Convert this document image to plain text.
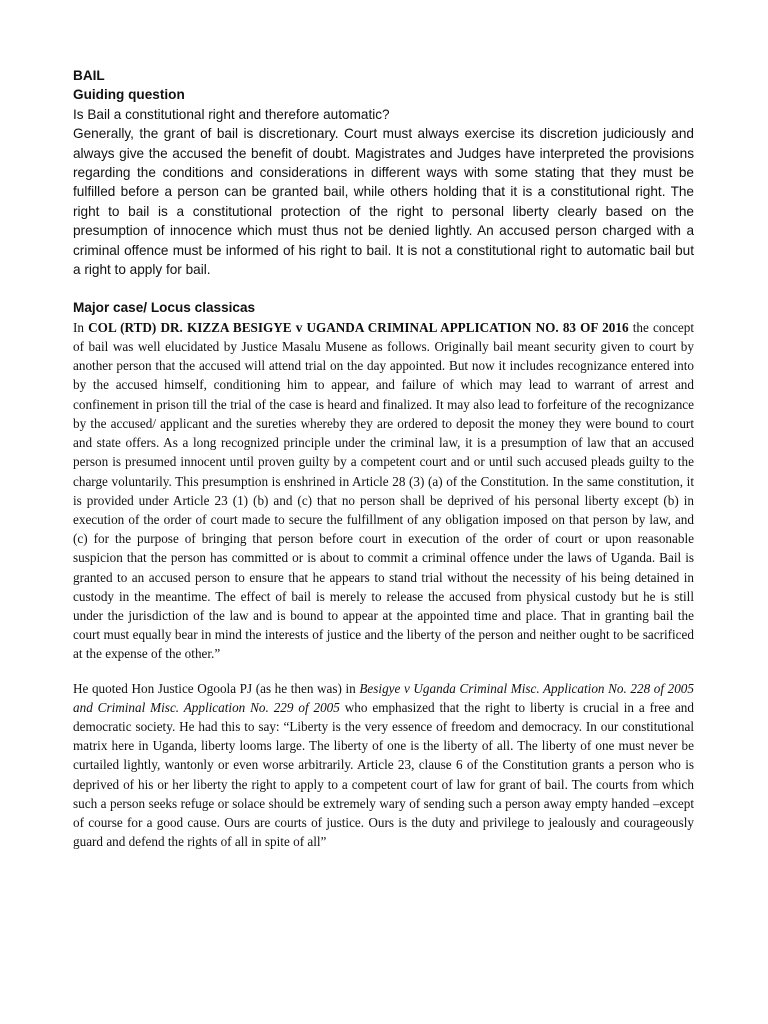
BAIL
Guiding question

Is Bail a constitutional right and therefore automatic?

Generally, the grant of bail is discretionary. Court must always exercise its discretion judiciously and always give the accused the benefit of doubt. Magistrates and Judges have interpreted the provisions regarding the conditions and considerations in different ways with some stating that they must be fulfilled before a person can be granted bail, while others holding that it is a constitutional right. The right to bail is a constitutional protection of the right to personal liberty clearly based on the presumption of innocence which must thus not be denied lightly. An accused person charged with a criminal offence must be informed of his right to bail. It is not a constitutional right to automatic bail but a right to apply for bail.

Major case/ Locus classicas

In COL (RTD) DR. KIZZA BESIGYE v UGANDA CRIMINAL APPLICATION NO. 83 OF 2016 the concept of bail was well elucidated by Justice Masalu Musene as follows. Originally bail meant security given to court by another person that the accused will attend trial on the day appointed. But now it includes recognizance entered into by the accused himself, conditioning him to appear, and failure of which may lead to warrant of arrest and confinement in prison till the trial of the case is heard and finalized. It may also lead to forfeiture of the recognizance by the accused/ applicant and the sureties whereby they are ordered to deposit the money they were bound to court and state offers. As a long recognized principle under the criminal law, it is a presumption of law that an accused person is presumed innocent until proven guilty by a competent court and or until such accused pleads guilty to the charge voluntarily. This presumption is enshrined in Article 28 (3) (a) of the Constitution. In the same constitution, it is provided under Article 23 (1) (b) and (c) that no person shall be deprived of his personal liberty except (b) in execution of the order of court made to secure the fulfillment of any obligation imposed on that person by law, and (c) for the purpose of bringing that person before court in execution of the order of court or upon reasonable suspicion that the person has committed or is about to commit a criminal offence under the laws of Uganda. Bail is granted to an accused person to ensure that he appears to stand trial without the necessity of his being detained in custody in the meantime. The effect of bail is merely to release the accused from physical custody but he is still under the jurisdiction of the law and is bound to appear at the appointed time and place. That in granting bail the court must equally bear in mind the interests of justice and the liberty of the person and neither ought to be sacrificed at the expense of the other.”

He quoted Hon Justice Ogoola PJ (as he then was) in Besigye v Uganda Criminal Misc. Application No. 228 of 2005 and Criminal Misc. Application No. 229 of 2005 who emphasized that the right to liberty is crucial in a free and democratic society. He had this to say: “Liberty is the very essence of freedom and democracy. In our constitutional matrix here in Uganda, liberty looms large. The liberty of one is the liberty of all. The liberty of one must never be curtailed lightly, wantonly or even worse arbitrarily. Article 23, clause 6 of the Constitution grants a person who is deprived of his or her liberty the right to apply to a competent court of law for grant of bail. The courts from which such a person seeks refuge or solace should be extremely wary of sending such a person away empty handed –except of course for a good cause. Ours are courts of justice. Ours is the duty and privilege to jealously and courageously guard and defend the rights of all in spite of all”
